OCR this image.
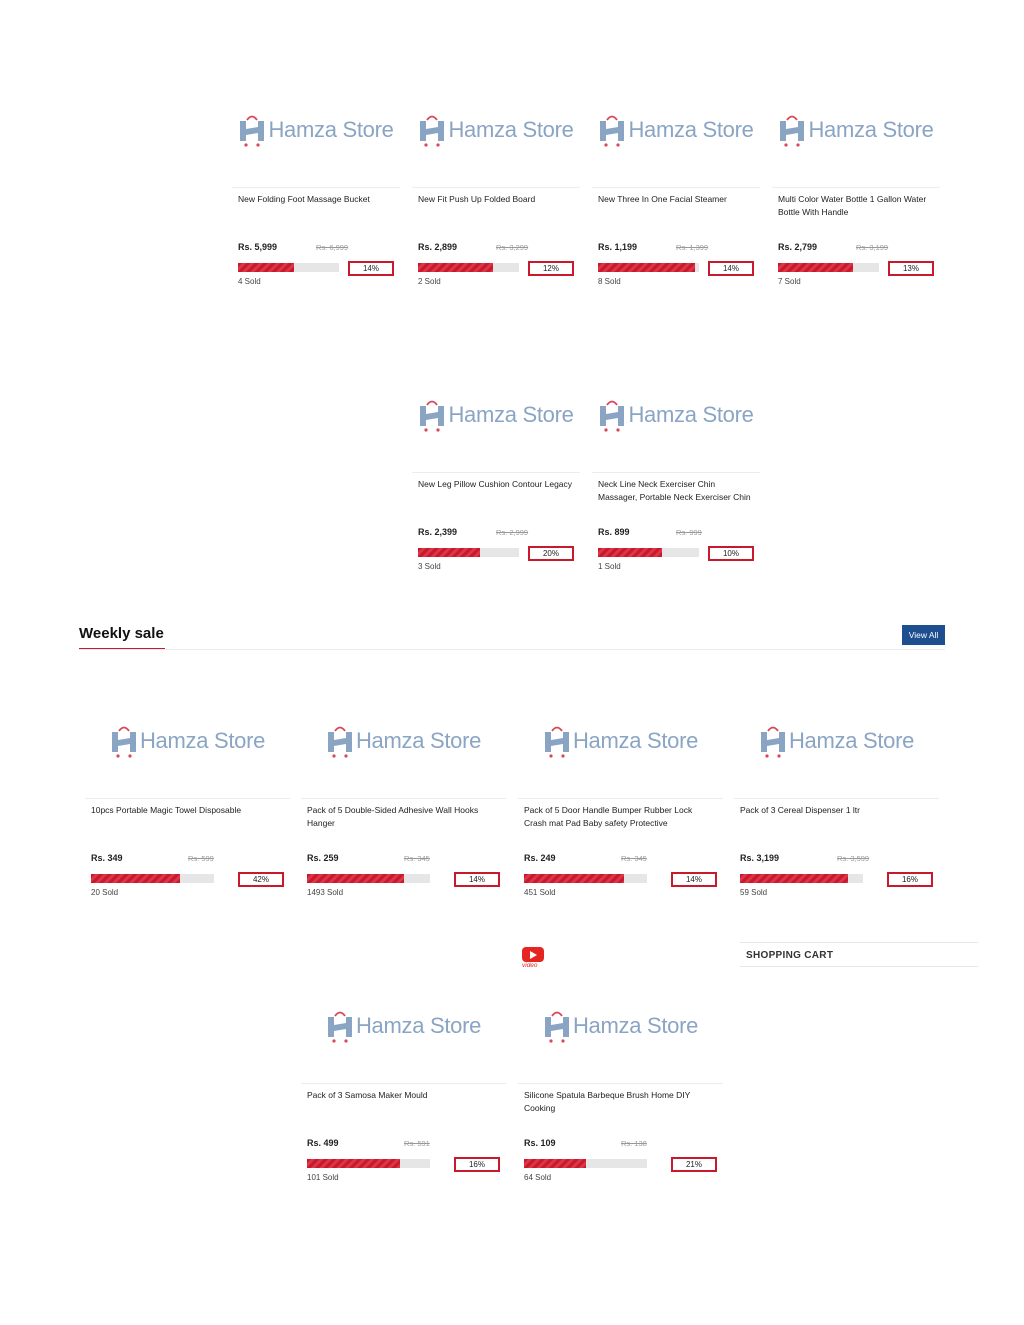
Hamza Store
New Folding Foot Massage Bucket
Rs. 5,999	Rs. 6,999
14%
4 Sold
Hamza Store
New Fit Push Up Folded Board
Rs. 2,899	Rs. 3,299
12%
2 Sold
Hamza Store
New Three In One Facial Steamer
Rs. 1,199	Rs. 1,399
14%
8 Sold
Hamza Store
Multi Color Water Bottle 1 Gallon Water Bottle With Handle
Rs. 2,799	Rs. 3,199
13%
7 Sold
Hamza Store
New Leg Pillow Cushion Contour Legacy
Rs. 2,399	Rs. 2,999
20%
3 Sold
Hamza Store
Neck Line Neck Exerciser Chin Massager, Portable Neck Exerciser Chin
Rs. 899	Rs. 999
10%
1 Sold
Weekly sale	View All
Hamza Store
10pcs Portable Magic Towel Disposable
Rs. 349	Rs. 599
42%
20 Sold
Hamza Store
Pack of 5 Double-Sided Adhesive Wall Hooks Hanger
Rs. 259	Rs. 345
14%
1493 Sold
Hamza Store
Pack of 5 Door Handle Bumper Rubber Lock Crash mat Pad Baby safety Protective
Rs. 249	Rs. 345
14%
451 Sold
Hamza Store
Pack of 3 Cereal Dispenser 1 ltr
Rs. 3,199	Rs. 3,599
16%
59 Sold
Hamza Store
Pack of 3 Samosa Maker Mould
Rs. 499	Rs. 591
16%
101 Sold
Hamza Store
Silicone Spatula Barbeque Brush Home DIY Cooking
Rs. 109	Rs. 138
21%
64 Sold
video
SHOPPING CART
